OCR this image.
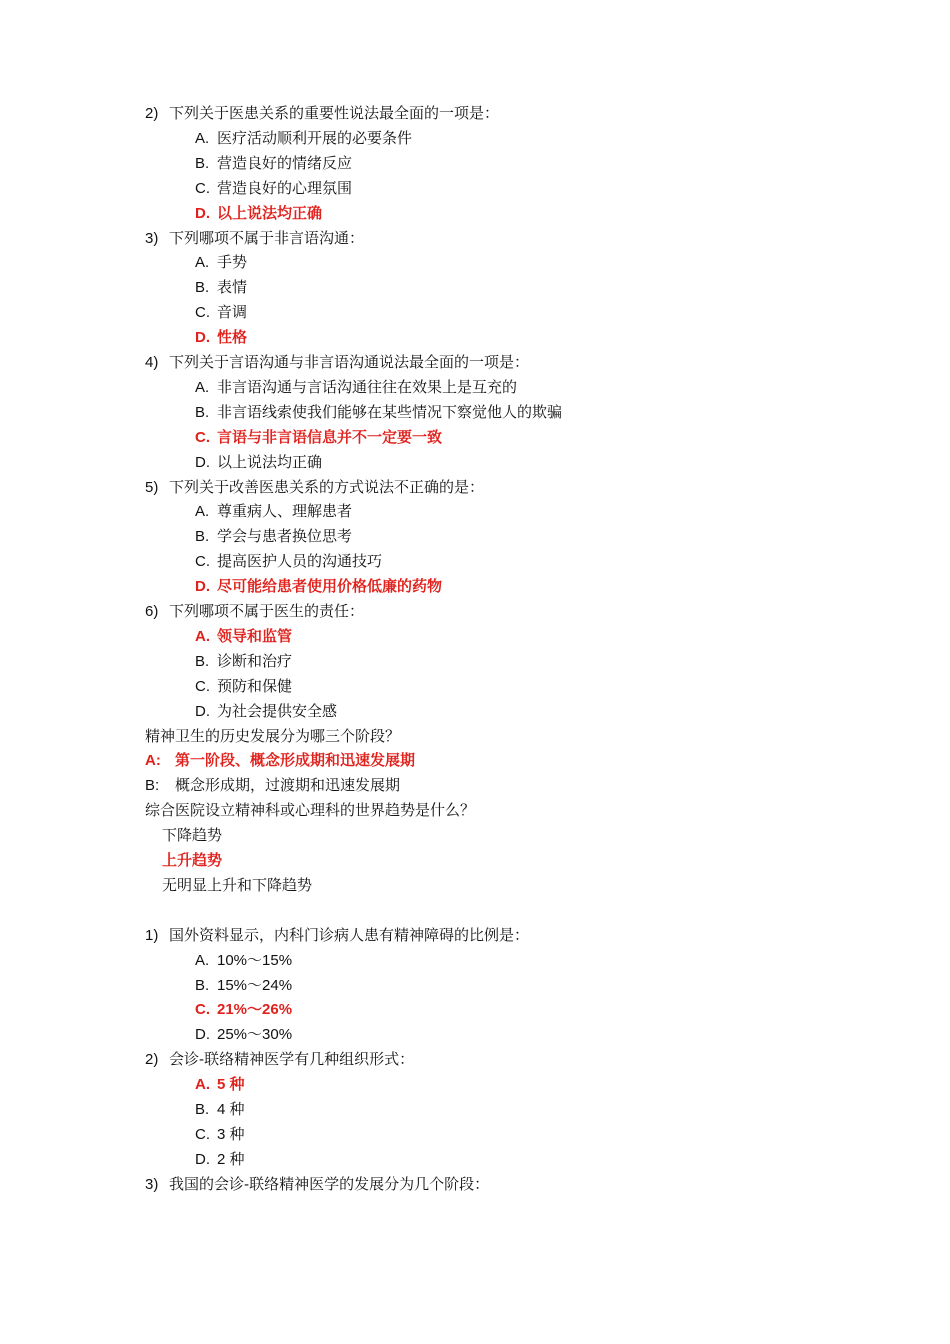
2) 下列关于医患关系的重要性说法最全面的一项是：
A. 医疗活动顺利开展的必要条件
B. 营造良好的情绪反应
C. 营造良好的心理氛围
D. 以上说法均正确
3) 下列哪项不属于非言语沟通：
A. 手势
B. 表情
C. 音调
D. 性格
4) 下列关于言语沟通与非言语沟通说法最全面的一项是：
A. 非言语沟通与言话沟通往往在效果上是互充的
B. 非言语线索使我们能够在某些情况下察觉他人的欺骗
C. 言语与非言语信息并不一定要一致
D. 以上说法均正确
5) 下列关于改善医患关系的方式说法不正确的是：
A. 尊重病人、理解患者
B. 学会与患者换位思考
C. 提高医护人员的沟通技巧
D. 尽可能给患者使用价格低廉的药物
6) 下列哪项不属于医生的责任：
A. 领导和监管
B. 诊断和治疗
C. 预防和保健
D. 为社会提供安全感
精神卫生的历史发展分为哪三个阶段？
A: 第一阶段、概念形成期和迅速发展期
B: 概念形成期，过渡期和迅速发展期
综合医院设立精神科或心理科的世界趋势是什么？
下降趋势
上升趋势
无明显上升和下降趋势
1) 国外资料显示，内科门诊病人患有精神障碍的比例是：
A. 10%～15%
B. 15%～24%
C. 21%～26%
D. 25%～30%
2) 会诊-联络精神医学有几种组织形式：
A. 5 种
B. 4 种
C. 3 种
D. 2 种
3) 我国的会诊-联络精神医学的发展分为几个阶段：
